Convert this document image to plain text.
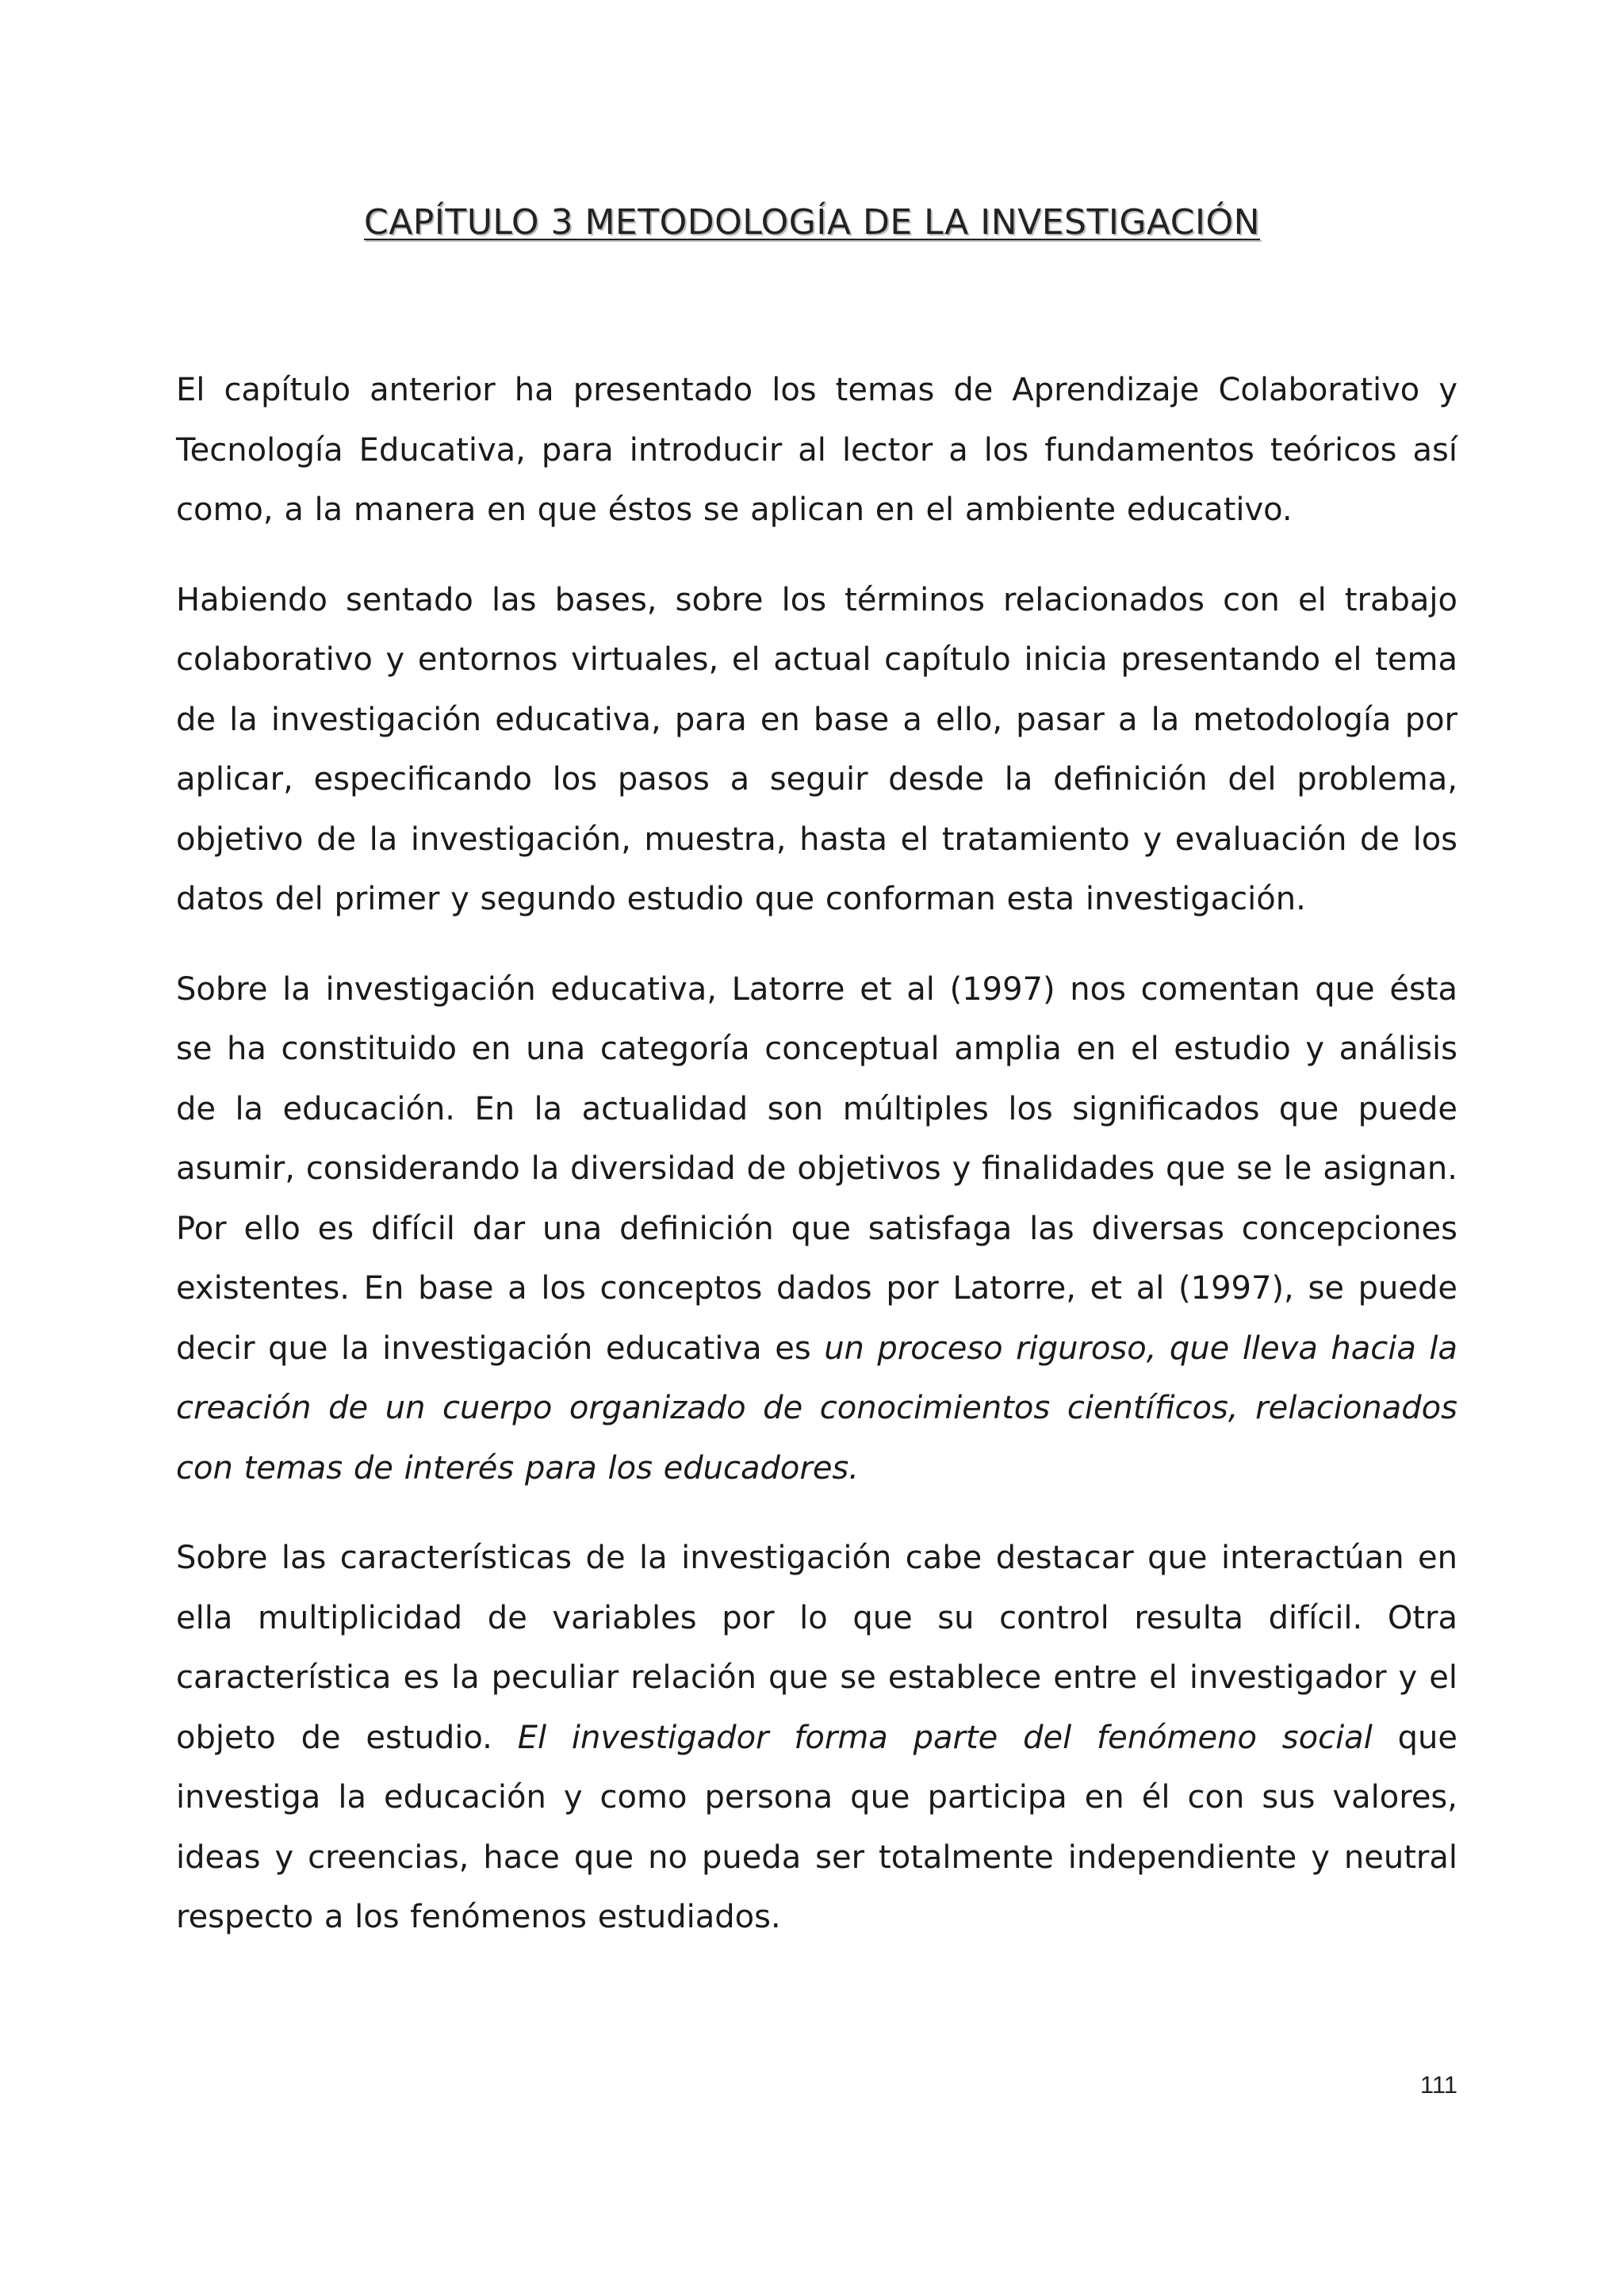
CAPÍTULO 3 METODOLOGÍA DE LA INVESTIGACIÓN

El capítulo anterior ha presentado los temas de Aprendizaje Colaborativo y Tecnología Educativa, para introducir al lector a los fundamentos teóricos así como, a la manera en que éstos se aplican en el ambiente educativo.

Habiendo sentado las bases, sobre los términos relacionados con el trabajo colaborativo y entornos virtuales, el actual capítulo inicia presentando el tema de la investigación educativa, para en base a ello, pasar a la metodología por aplicar, especificando los pasos a seguir desde la definición del problema, objetivo de la investigación, muestra, hasta el tratamiento y evaluación de los datos del primer y segundo estudio que conforman esta investigación.

Sobre la investigación educativa, Latorre et al (1997) nos comentan que ésta se ha constituido en una categoría conceptual amplia en el estudio y análisis de la educación. En la actualidad son múltiples los significados que puede asumir, considerando la diversidad de objetivos y finalidades que se le asignan. Por ello es difícil dar una definición que satisfaga las diversas concepciones existentes. En base a los conceptos dados por Latorre, et al (1997), se puede decir que la investigación educativa es un proceso riguroso, que lleva hacia la creación de un cuerpo organizado de conocimientos científicos, relacionados con temas de interés para los educadores.

Sobre las características de la investigación cabe destacar que interactúan en ella multiplicidad de variables por lo que su control resulta difícil. Otra característica es la peculiar relación que se establece entre el investigador y el objeto de estudio. El investigador forma parte del fenómeno social que investiga la educación y como persona que participa en él con sus valores, ideas y creencias, hace que no pueda ser totalmente independiente y neutral respecto a los fenómenos estudiados.

111
